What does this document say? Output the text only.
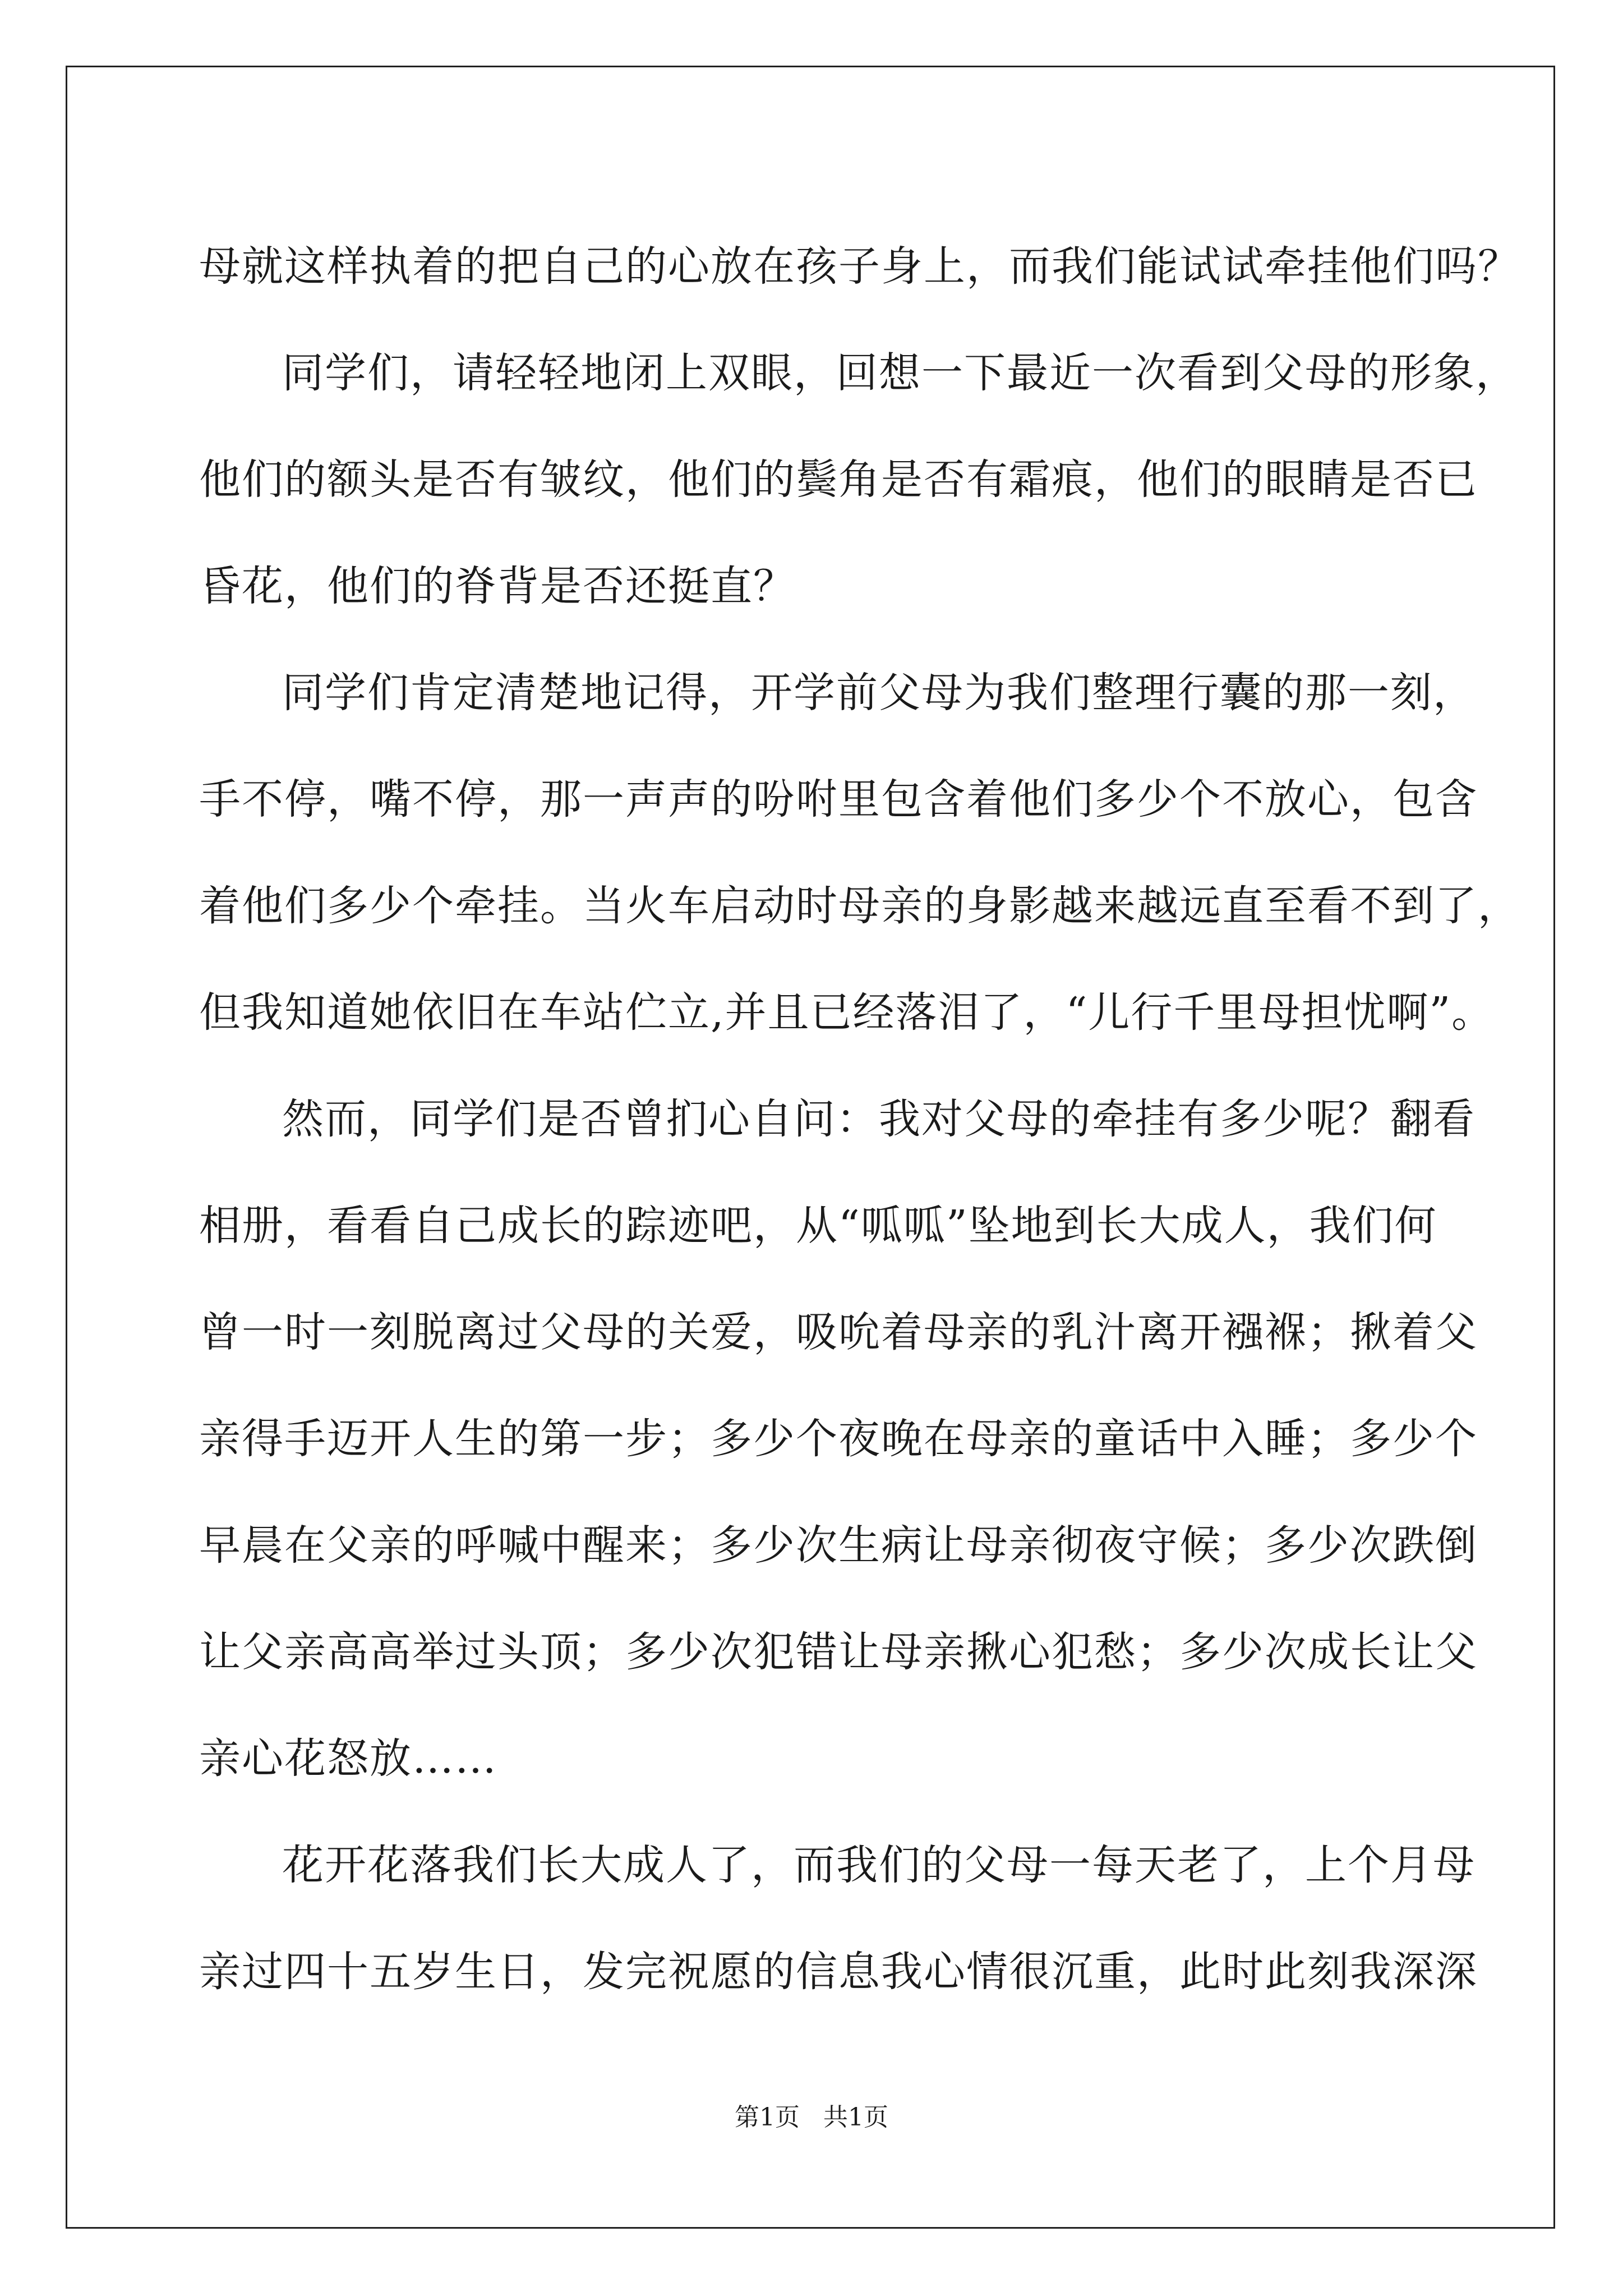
母就这样执着的把自己的心放在孩子身上，而我们能试试牵挂他们吗？
同学们，请轻轻地闭上双眼，回想一下最近一次看到父母的形象，
他们的额头是否有皱纹，他们的鬓角是否有霜痕，他们的眼睛是否已
昏花，他们的脊背是否还挺直？
同学们肯定清楚地记得，开学前父母为我们整理行囊的那一刻，
手不停，嘴不停，那一声声的吩咐里包含着他们多少个不放心，包含
着他们多少个牵挂。当火车启动时母亲的身影越来越远直至看不到了，
但我知道她依旧在车站伫立,并且已经落泪了，“儿行千里母担忧啊”。
然而，同学们是否曾扪心自问：我对父母的牵挂有多少呢？翻看
相册，看看自己成长的踪迹吧，从“呱呱”坠地到长大成人，我们何
曾一时一刻脱离过父母的关爱，吸吮着母亲的乳汁离开襁褓；揪着父
亲得手迈开人生的第一步；多少个夜晚在母亲的童话中入睡；多少个
早晨在父亲的呼喊中醒来；多少次生病让母亲彻夜守候；多少次跌倒
让父亲高高举过头顶；多少次犯错让母亲揪心犯愁；多少次成长让父
亲心花怒放……
花开花落我们长大成人了，而我们的父母一每天老了，上个月母
亲过四十五岁生日，发完祝愿的信息我心情很沉重，此时此刻我深深
第1页   共1页
